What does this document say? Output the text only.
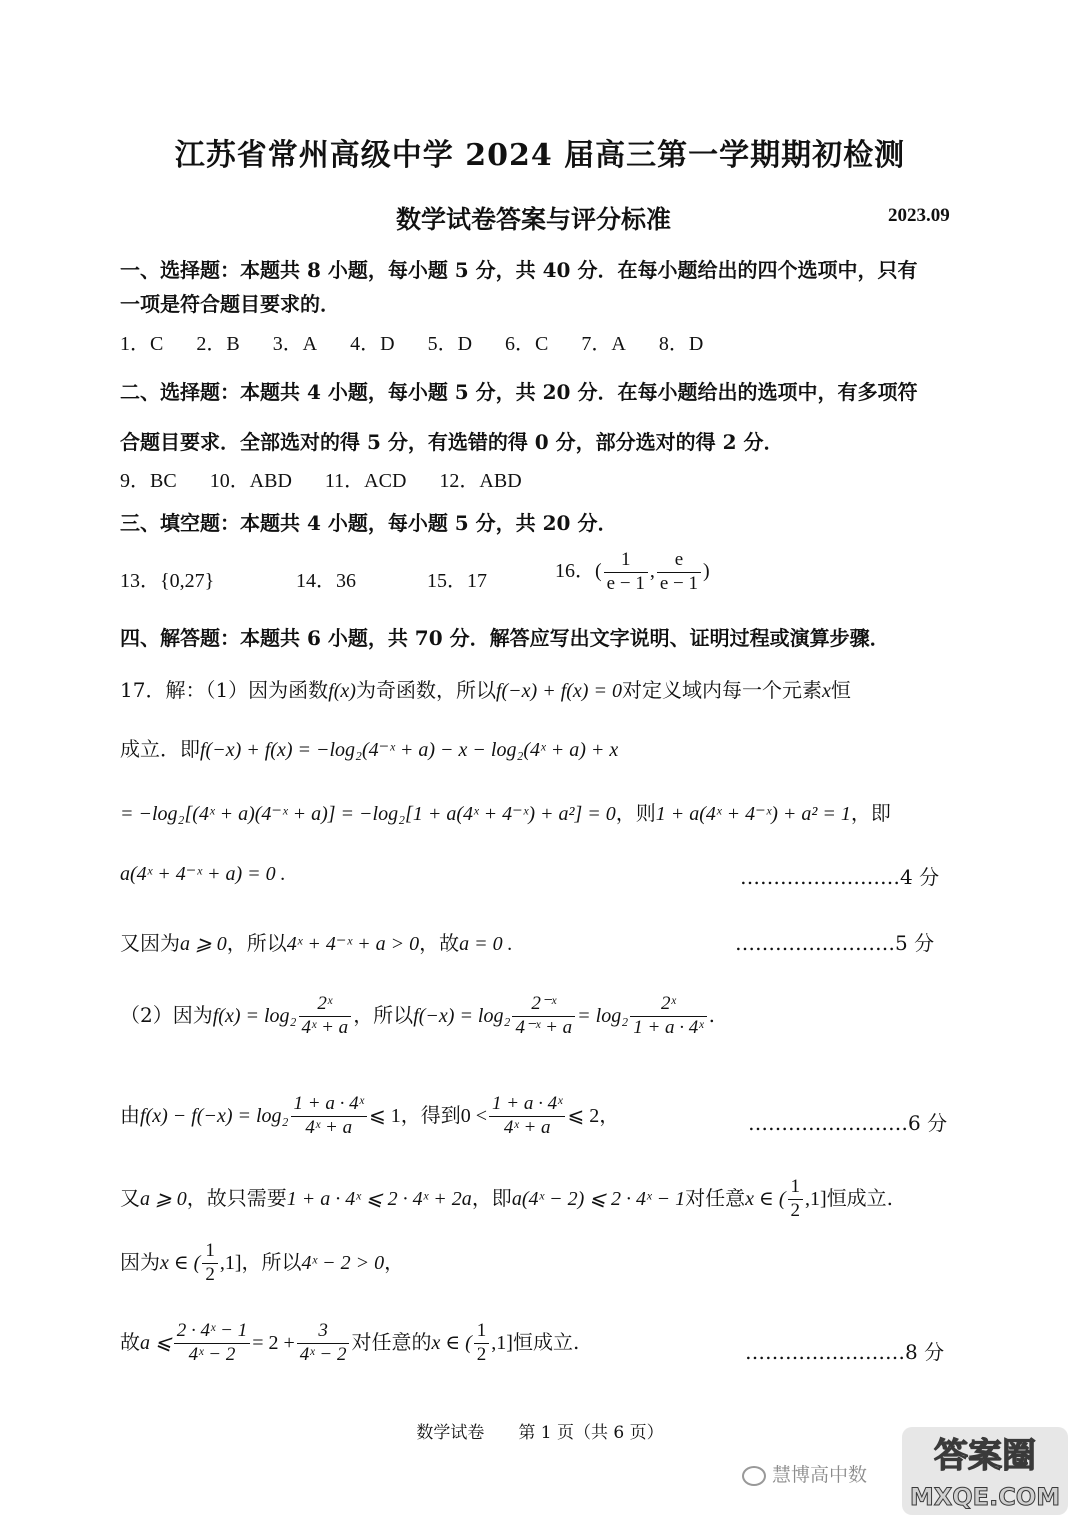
江苏省常州高级中学 2024 届高三第一学期期初检测
数学试卷答案与评分标准	2023.09
一、选择题：本题共 8 小题，每小题 5 分，共 40 分．在每小题给出的四个选项中，只有
一项是符合题目要求的．
1．C 2．B 3．A 4．D 5．D 6．C 7．A 8．D
二、选择题：本题共 4 小题，每小题 5 分，共 20 分．在每小题给出的选项中，有多项符
合题目要求．全部选对的得 5 分，有选错的得 0 分，部分选对的得 2 分．
9．BC 10．ABD 11．ACD 12．ABD
三、填空题：本题共 4 小题，每小题 5 分，共 20 分．
13．{0,27}	14．36	15．17	16．( $\frac{1}{e - 1}$ , $\frac{e}{e - 1}$ )
四、解答题：本题共 6 小题，共 70 分．解答应写出文字说明、证明过程或演算步骤．
17．解：（1）因为函数f(x)为奇函数，所以f(−x) + f(x) = 0对定义域内每一个元素x恒
成立．即f(−x) + f(x) = −log₂(4⁻ˣ + a) − x − log₂(4ˣ + a) + x
= −log₂[(4ˣ + a)(4⁻ˣ + a)] = −log₂[1 + a(4ˣ + 4⁻ˣ) + a²] = 0，则1 + a(4ˣ + 4⁻ˣ) + a² = 1，即
a(4ˣ + 4⁻ˣ + a) = 0 .	……………………4 分
又因为a ⩾ 0，所以4ˣ + 4⁻ˣ + a > 0，故a = 0 .	……………………5 分
（2）因为$f(x) = \log_2 \frac{\text{2ˣ}}{\text{4ˣ + a}}$ ，所以$f(-x) = \log_2 \frac{\text{2⁻ˣ}}{\text{4⁻ˣ + a}} = \log_2 \frac{\text{2ˣ}}{\text{1 + a · 4ˣ}}$ .
由$f(x) - f(-x) = \log_2 \frac{\text{1 + a · 4ˣ}}{\text{4ˣ + a}}$ ⩽ 1，得到$0 < \frac{\text{1 + a · 4ˣ}}{\text{4ˣ + a}}$ ⩽ 2，	……………………6 分
又a ⩾ 0，故只需要1 + a · 4ˣ ⩽ 2 · 4ˣ + 2a，即a(4ˣ − 2) ⩽ 2 · 4ˣ − 1对任意x ∈ ( $\frac{1}{2} ,1$]恒成立.
因为x ∈ ( $\frac{1}{2} ,1$]，所以4ˣ − 2 > 0，
故a ⩽ $\frac{\text{2 · 4ˣ − 1}}{\text{4ˣ − 2}} = 2 + \frac{3}{\text{4ˣ − 2}}$ 对任意的x ∈ ( $\frac{1}{2} ,1$]恒成立.	……………………8 分
数学试卷　　第 1 页（共 6 页）
慧博高中数 答案圈
MXQE.COM
